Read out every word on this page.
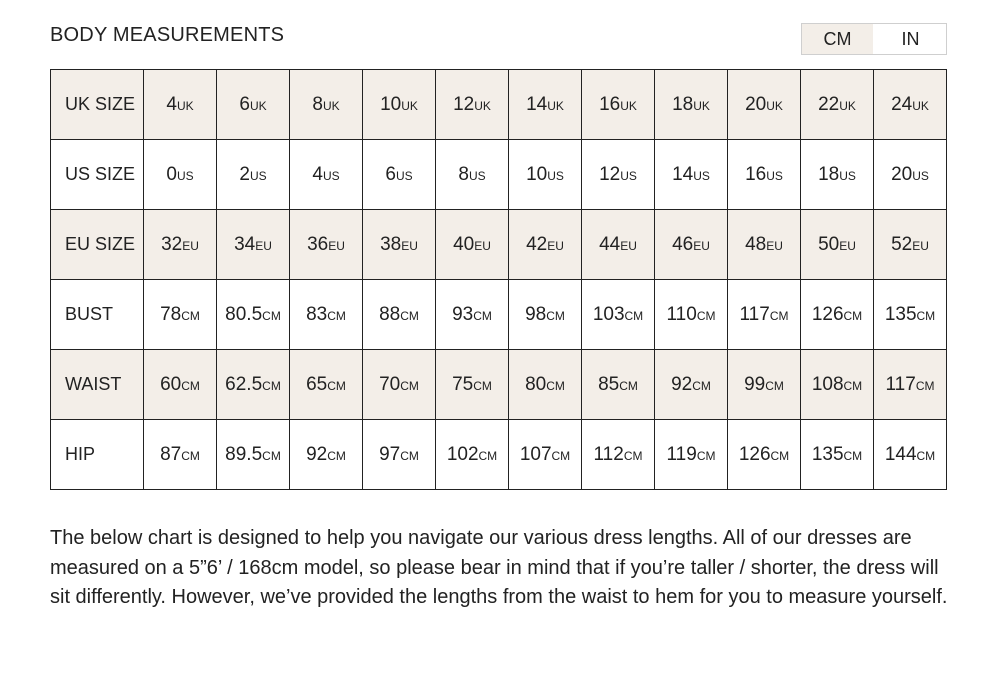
BODY MEASUREMENTS	CM	IN
UK SIZE	4UK	6UK	8UK	10UK	12UK	14UK	16UK	18UK	20UK	22UK	24UK
US SIZE	0US	2US	4US	6US	8US	10US	12US	14US	16US	18US	20US
EU SIZE	32EU	34EU	36EU	38EU	40EU	42EU	44EU	46EU	48EU	50EU	52EU
BUST	78CM	80.5CM	83CM	88CM	93CM	98CM	103CM	110CM	117CM	126CM	135CM
WAIST	60CM	62.5CM	65CM	70CM	75CM	80CM	85CM	92CM	99CM	108CM	117CM
HIP	87CM	89.5CM	92CM	97CM	102CM	107CM	112CM	119CM	126CM	135CM	144CM
The below chart is designed to help you navigate our various dress lengths. All of our dresses are measured on a 5”6’ / 168cm model, so please bear in mind that if you’re taller / shorter, the dress will sit differently. However, we’ve provided the lengths from the waist to hem for you to measure yourself.
